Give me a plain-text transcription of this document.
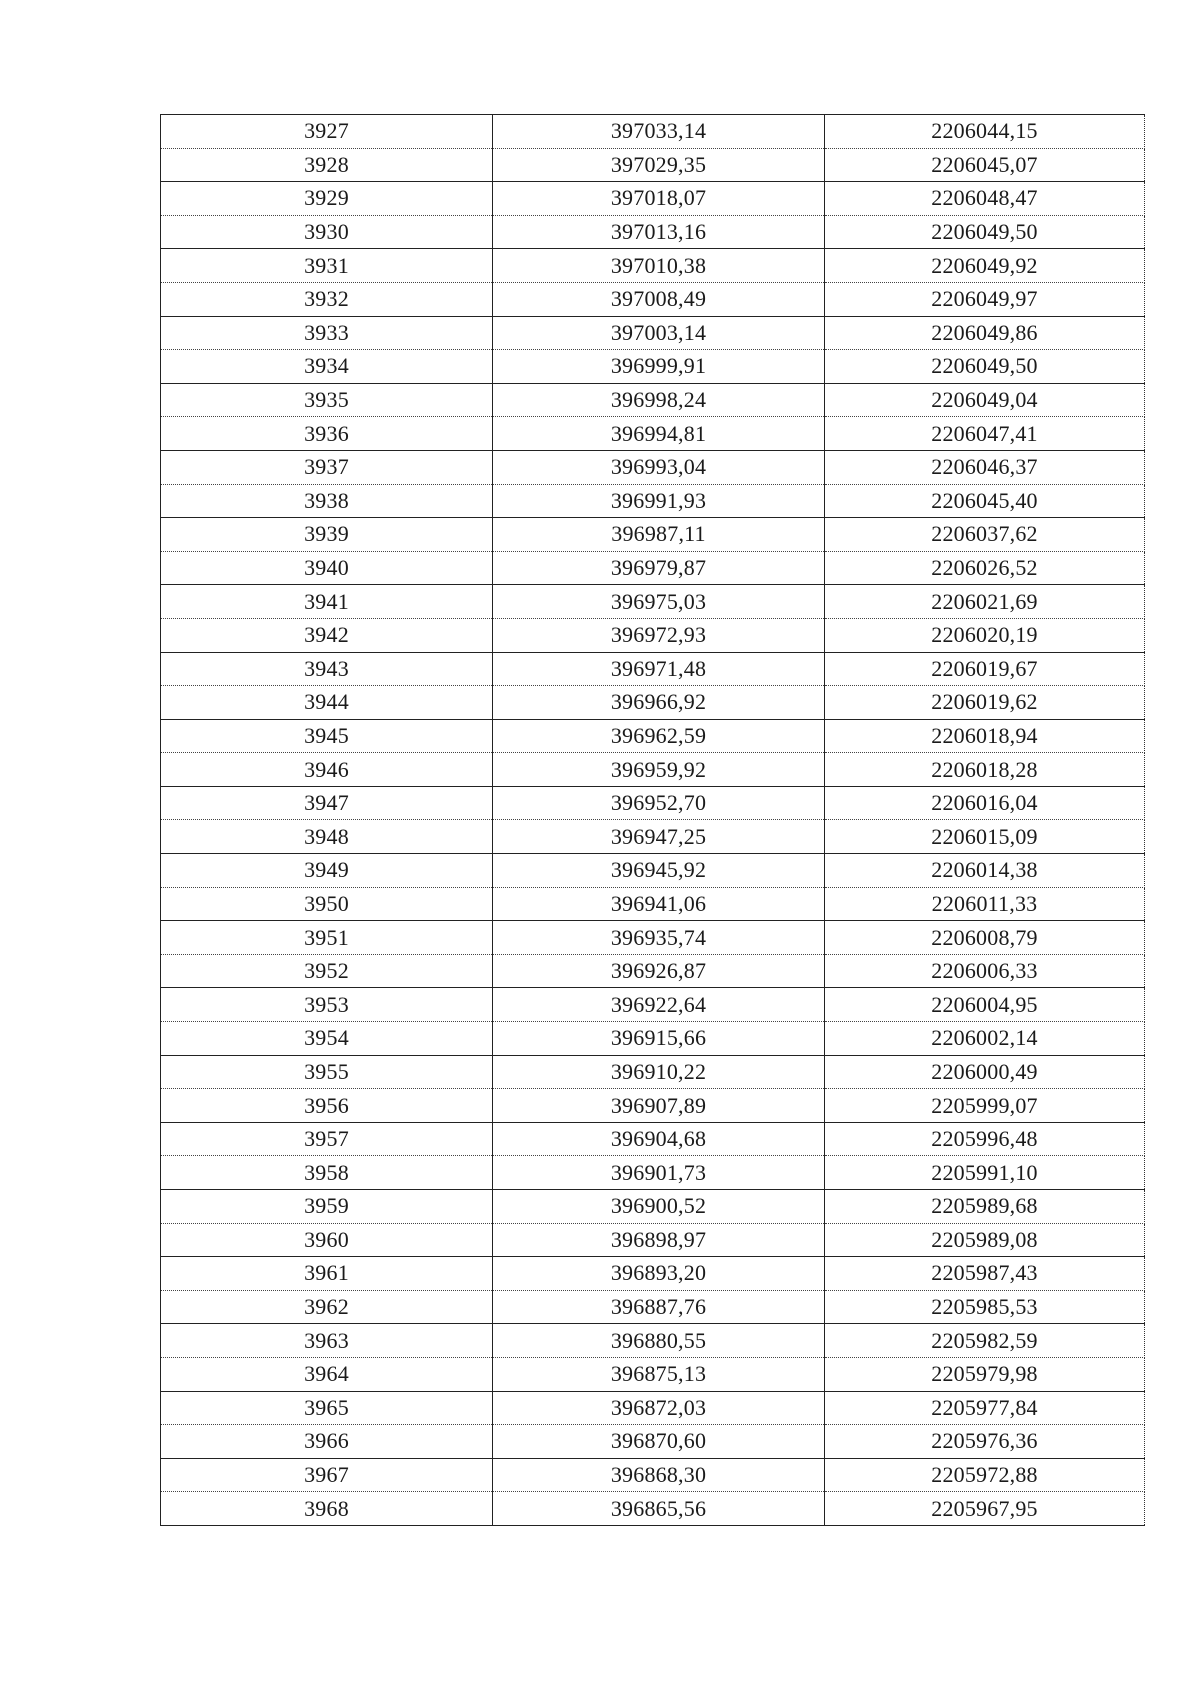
3927	397033,14	2206044,15
3928	397029,35	2206045,07
3929	397018,07	2206048,47
3930	397013,16	2206049,50
3931	397010,38	2206049,92
3932	397008,49	2206049,97
3933	397003,14	2206049,86
3934	396999,91	2206049,50
3935	396998,24	2206049,04
3936	396994,81	2206047,41
3937	396993,04	2206046,37
3938	396991,93	2206045,40
3939	396987,11	2206037,62
3940	396979,87	2206026,52
3941	396975,03	2206021,69
3942	396972,93	2206020,19
3943	396971,48	2206019,67
3944	396966,92	2206019,62
3945	396962,59	2206018,94
3946	396959,92	2206018,28
3947	396952,70	2206016,04
3948	396947,25	2206015,09
3949	396945,92	2206014,38
3950	396941,06	2206011,33
3951	396935,74	2206008,79
3952	396926,87	2206006,33
3953	396922,64	2206004,95
3954	396915,66	2206002,14
3955	396910,22	2206000,49
3956	396907,89	2205999,07
3957	396904,68	2205996,48
3958	396901,73	2205991,10
3959	396900,52	2205989,68
3960	396898,97	2205989,08
3961	396893,20	2205987,43
3962	396887,76	2205985,53
3963	396880,55	2205982,59
3964	396875,13	2205979,98
3965	396872,03	2205977,84
3966	396870,60	2205976,36
3967	396868,30	2205972,88
3968	396865,56	2205967,95
